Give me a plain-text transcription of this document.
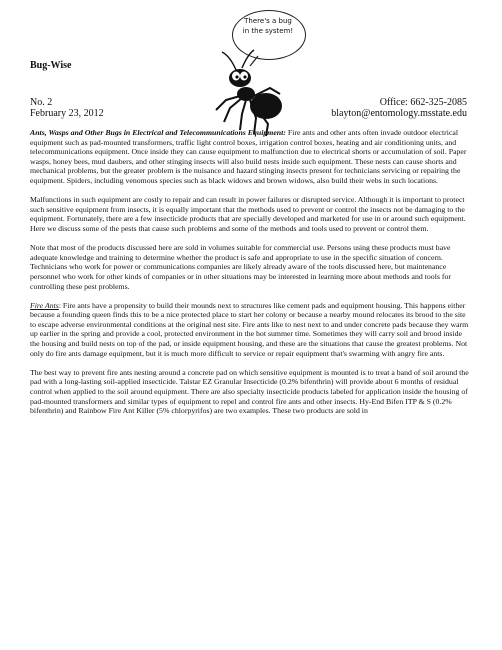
There's a bug in the system!
Bug-Wise
No. 2
February 23, 2012
Office: 662-325-2085
blayton@entomology.msstate.edu

Ants, Wasps and Other Bugs in Electrical and Telecommunications Equipment: Fire ants and other ants often invade outdoor electrical equipment such as pad-mounted transformers, traffic light control boxes, irrigation control boxes, heating and air conditioning units, and telecommunications equipment. Once inside they can cause equipment to malfunction due to electrical shorts or accumulation of soil. Paper wasps, honey bees, mud daubers, and other stinging insects will also build nests inside such equipment. These nests can cause shorts and mechanical problems, but the greater problem is the nuisance and hazard stinging insects present for technicians servicing or repairing the equipment. Spiders, including venomous species such as black widows and brown widows, also build their webs in such locations.

Malfunctions in such equipment are costly to repair and can result in power failures or disrupted service. Although it is important to protect such sensitive equipment from insects, it is equally important that the methods used to prevent or control the insects not be damaging to the equipment. Fortunately, there are a few insecticide products that are specially developed and marketed for use in or around such equipment. Here we discuss some of the pests that cause such problems and some of the methods and tools used to prevent or control them.

Note that most of the products discussed here are sold in volumes suitable for commercial use. Persons using these products must have adequate knowledge and training to determine whether the product is safe and appropriate to use in the specific situation of concern. Technicians who work for power or communications companies are likely already aware of the tools discussed here, but maintenance personnel who work for other kinds of companies or in other situations may be interested in learning more about methods and tools for controlling these pest problems.

Fire Ants: Fire ants have a propensity to build their mounds next to structures like cement pads and equipment housing. This happens either because a founding queen finds this to be a nice protected place to start her colony or because a nearby mound relocates its brood to the site to escape adverse environmental conditions at the original nest site. Fire ants like to nest next to and under concrete pads because they warm up earlier in the spring and provide a cool, protected environment in the hot summer time. Sometimes they will carry soil and brood inside the housing and build nests on top of the pad, or inside equipment housing, and these are the situations that cause the greatest problems. Not only do fire ants damage equipment, but it is much more difficult to service or repair equipment that's swarming with angry fire ants.

The best way to prevent fire ants nesting around a concrete pad on which sensitive equipment is mounted is to treat a band of soil around the pad with a long-lasting soil-applied insecticide. Talstar EZ Granular Insecticide (0.2% bifenthrin) will provide about 6 months of residual control when applied to the soil around equipment. There are also specialty insecticide products labeled for application inside the housing of pad-mounted transformers and similar types of equipment to repel and control fire ants and other insects. Hy-End Bifen ITP & S (0.2% bifenthrin) and Rainbow Fire Ant Killer (5% chlorpyrifos) are two examples. These two products are sold in
